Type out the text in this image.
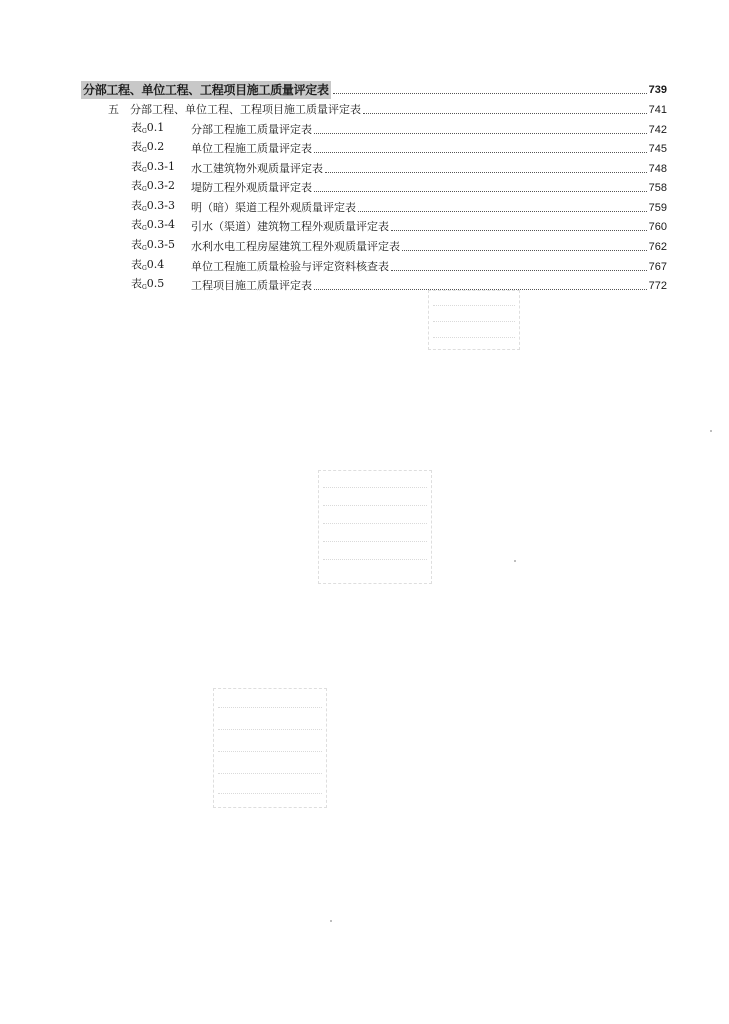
分部工程、单位工程、工程项目施工质量评定表	739
五	分部工程、单位工程、工程项目施工质量评定表	741
表$_G$0.1	分部工程施工质量评定表	742
表$_G$0.2	单位工程施工质量评定表	745
表$_G$0.3-1	水工建筑物外观质量评定表	748
表$_G$0.3-2	堤防工程外观质量评定表	758
表$_G$0.3-3	明（暗）渠道工程外观质量评定表	759
表$_G$0.3-4	引水（渠道）建筑物工程外观质量评定表	760
表$_G$0.3-5	水利水电工程房屋建筑工程外观质量评定表	762
表$_G$0.4	单位工程施工质量检验与评定资料核查表	767
表$_G$0.5	工程项目施工质量评定表	772
